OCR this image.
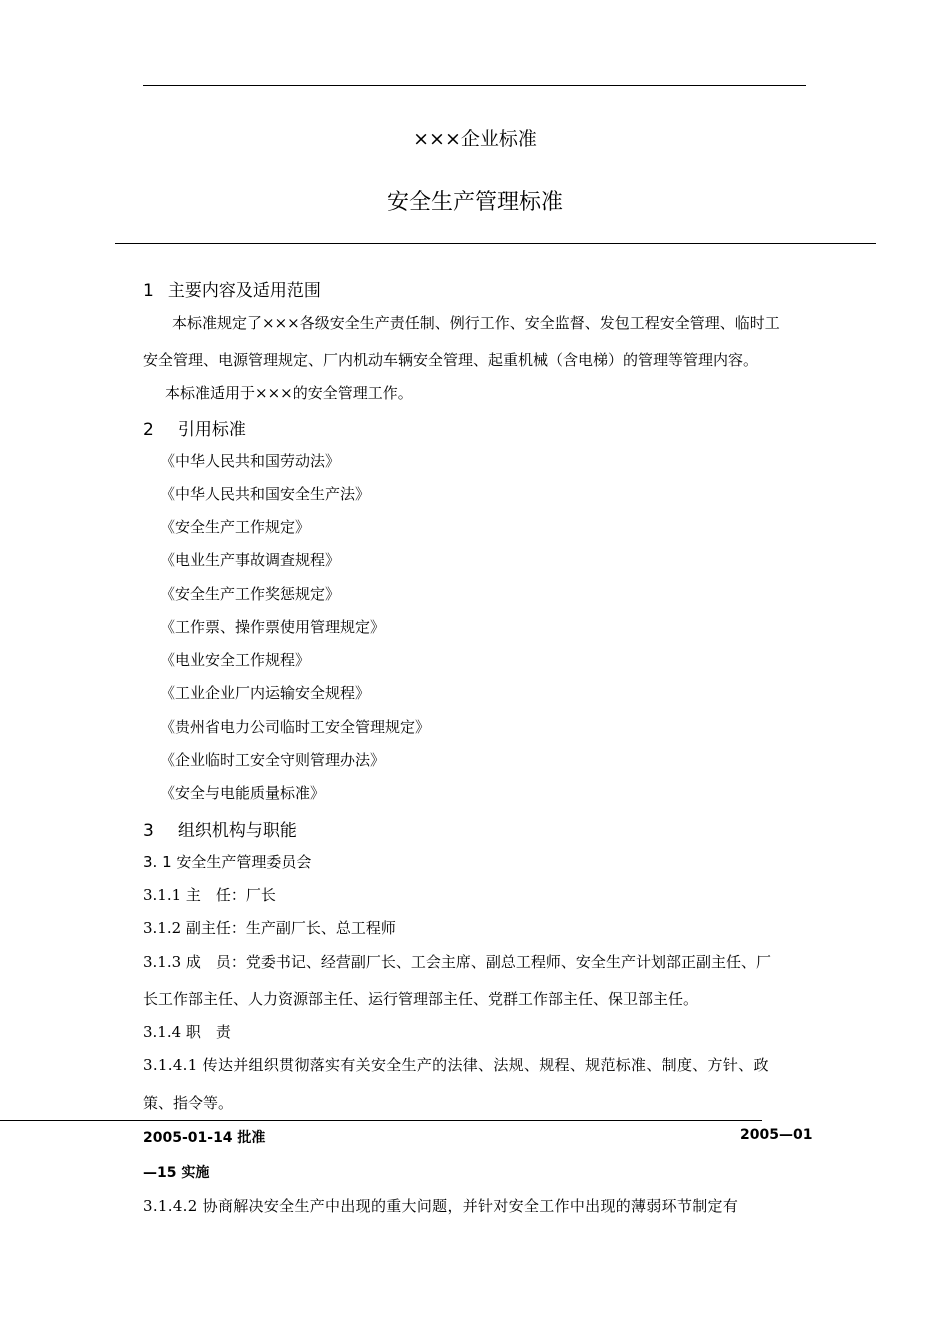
×××企业标准
安全生产管理标准
1 主要内容及适用范围
本标准规定了×××各级安全生产责任制、例行工作、安全监督、发包工程安全管理、临时工
安全管理、电源管理规定、厂内机动车辆安全管理、起重机械（含电梯）的管理等管理内容。
本标准适用于×××的安全管理工作。
2 引用标准
《中华人民共和国劳动法》
《中华人民共和国安全生产法》
《安全生产工作规定》
《电业生产事故调查规程》
《安全生产工作奖惩规定》
《工作票、操作票使用管理规定》
《电业安全工作规程》
《工业企业厂内运输安全规程》
《贵州省电力公司临时工安全管理规定》
《企业临时工安全守则管理办法》
《安全与电能质量标准》
3 组织机构与职能
3. 1 安全生产管理委员会
3.1.1 主　任：厂长
3.1.2 副主任：生产副厂长、总工程师
3.1.3 成　员：党委书记、经营副厂长、工会主席、副总工程师、安全生产计划部正副主任、厂
长工作部主任、人力资源部主任、运行管理部主任、党群工作部主任、保卫部主任。
3.1.4 职　责
3.1.4.1 传达并组织贯彻落实有关安全生产的法律、法规、规程、规范标准、制度、方针、政
策、指令等。
2005-01-14 批准	2005—01
—15 实施
3.1.4.2 协商解决安全生产中出现的重大问题，并针对安全工作中出现的薄弱环节制定有
